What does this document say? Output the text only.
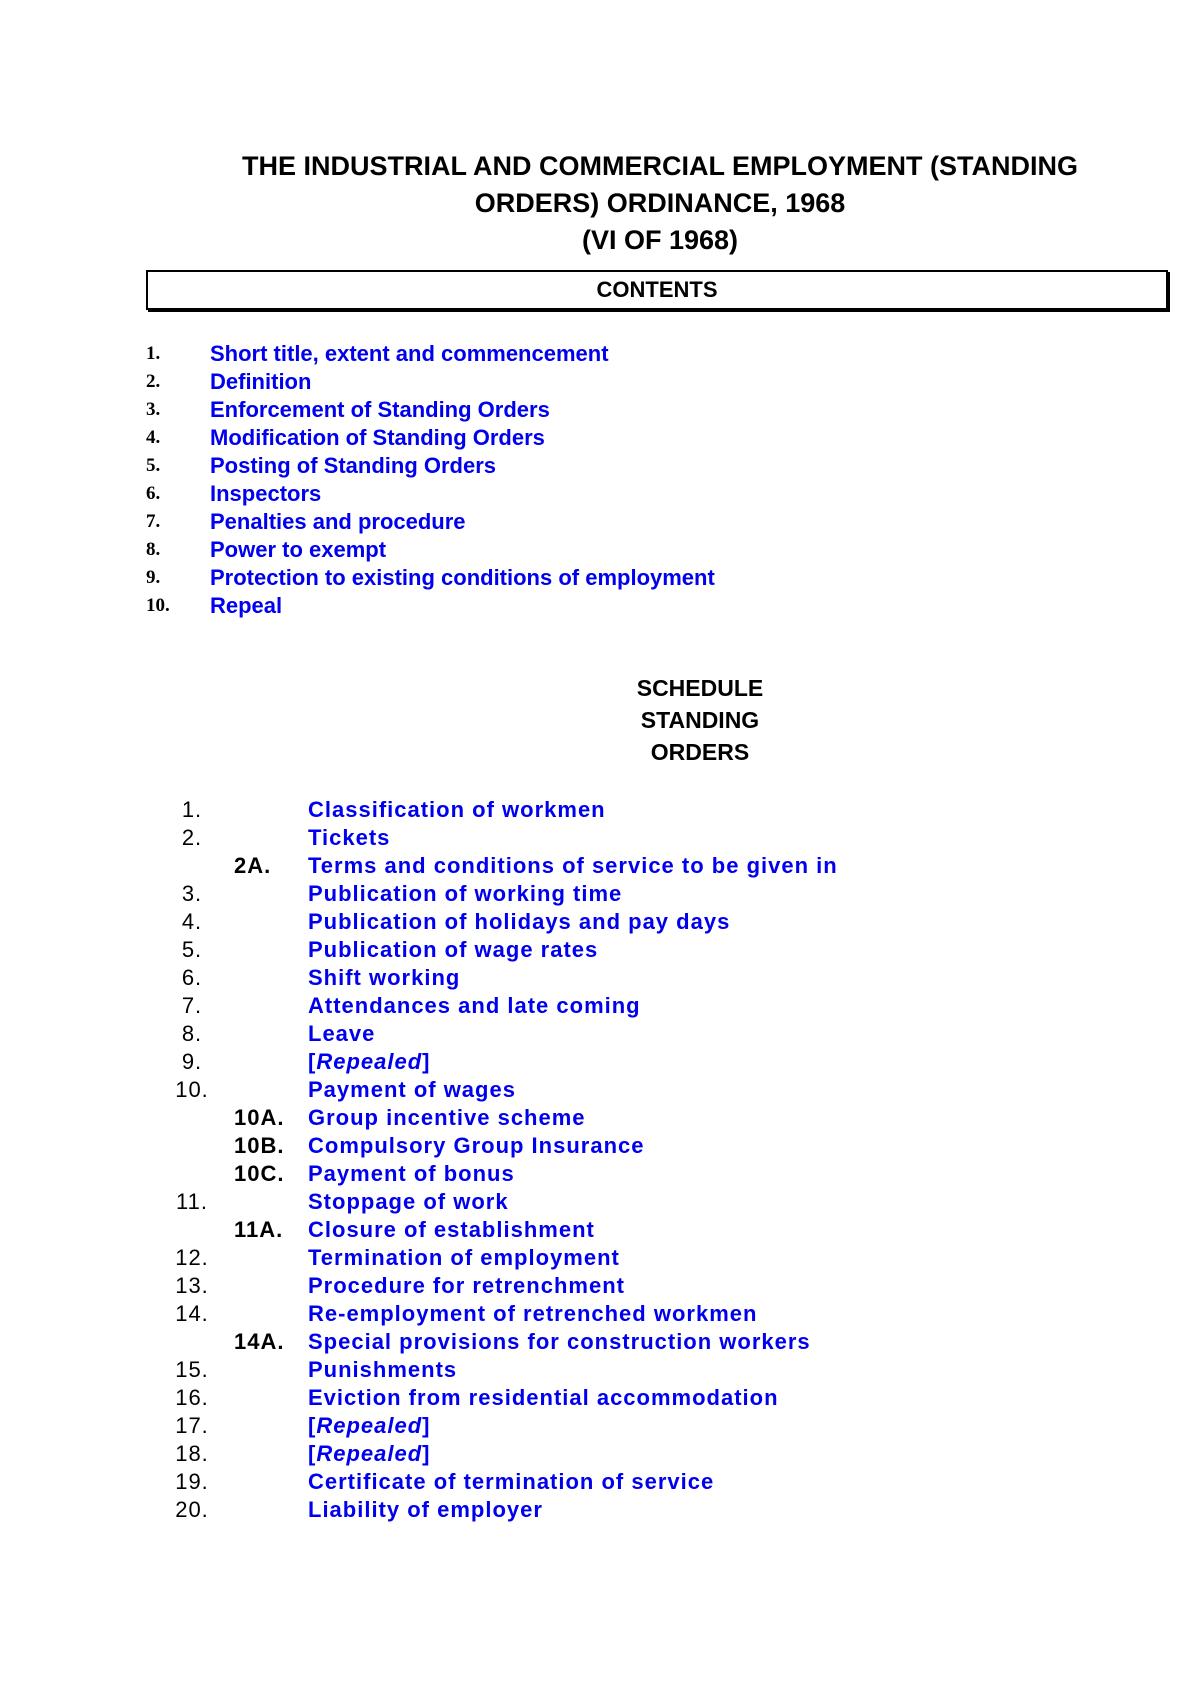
THE INDUSTRIAL AND COMMERCIAL EMPLOYMENT (STANDING
ORDERS) ORDINANCE, 1968
(VI OF 1968)
CONTENTS
1.	Short title, extent and commencement
2.	Definition
3.	Enforcement of Standing Orders
4.	Modification of Standing Orders
5.	Posting of Standing Orders
6.	Inspectors
7.	Penalties and procedure
8.	Power to exempt
9.	Protection to existing conditions of employment
10.	Repeal
SCHEDULE
STANDING
ORDERS
1.	Classification of workmen
2.	Tickets
2A.	Terms and conditions of service to be given in
3.	Publication of working time
4.	Publication of holidays and pay days
5.	Publication of wage rates
6.	Shift working
7.	Attendances and late coming
8.	Leave
9.	[ Repealed ]
10.	Payment of wages
10A.	Group incentive scheme
10B.	Compulsory Group Insurance
10C.	Payment of bonus
11.	Stoppage of work
11A.	Closure of establishment
12.	Termination of employment
13.	Procedure for retrenchment
14.	Re-employment of retrenched workmen
14A.	Special provisions for construction workers
15.	Punishments
16.	Eviction from residential accommodation
17.	[ Repealed ]
18.	[ Repealed ]
19.	Certificate of termination of service
20.	Liability of employer
